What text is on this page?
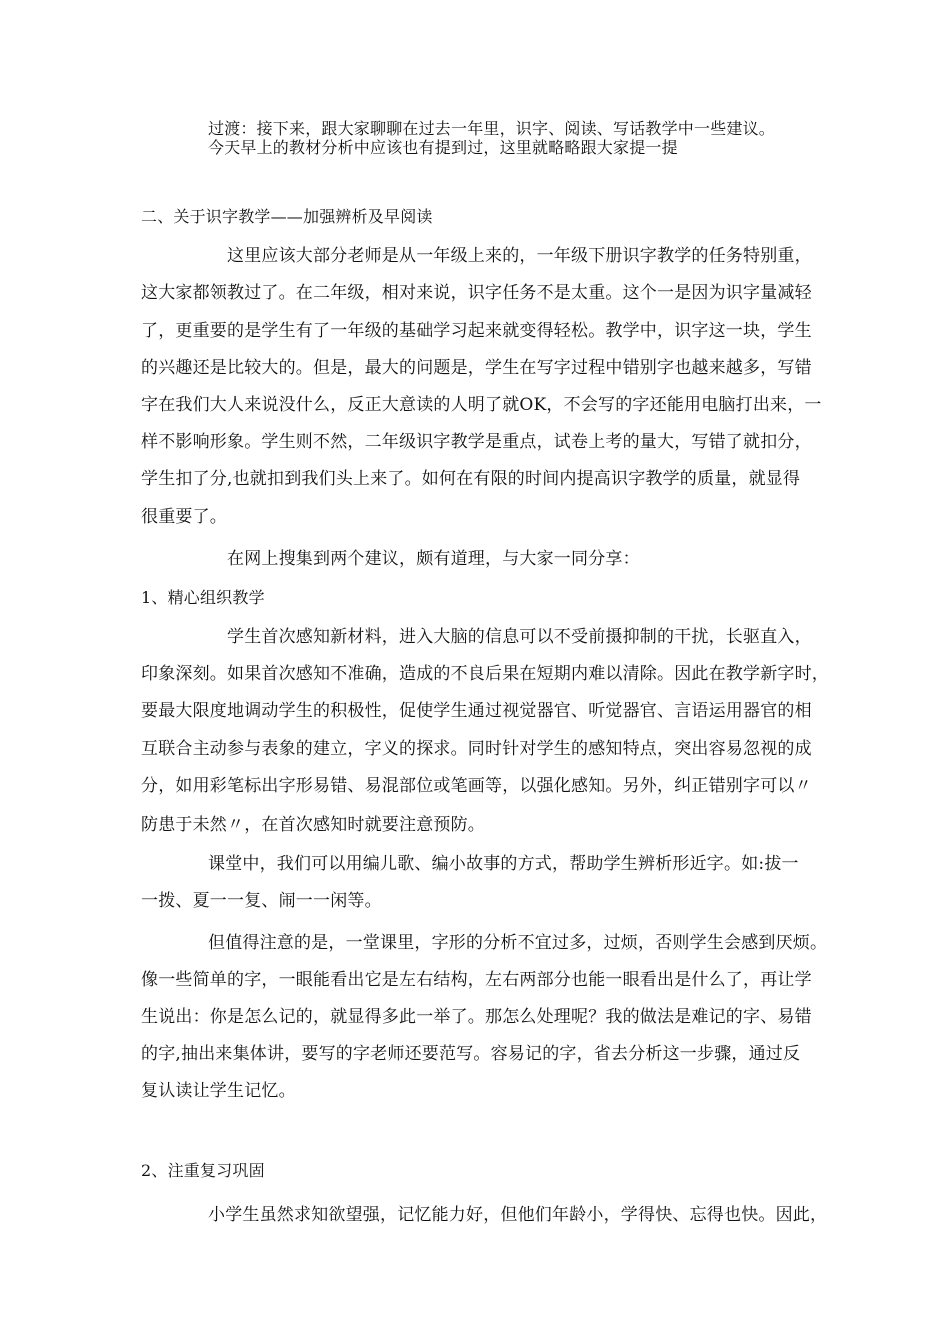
过渡：接下来，跟大家聊聊在过去一年里，识字、阅读、写话教学中一些建议。
今天早上的教材分析中应该也有提到过，这里就略略跟大家提一提
二、关于识字教学——加强辨析及早阅读
这里应该大部分老师是从一年级上来的，一年级下册识字教学的任务特别重，
这大家都领教过了。在二年级，相对来说，识字任务不是太重。这个一是因为识字量减轻
了，更重要的是学生有了一年级的基础学习起来就变得轻松。教学中，识字这一块，学生
的兴趣还是比较大的。但是，最大的问题是，学生在写字过程中错别字也越来越多，写错
字在我们大人来说没什么，反正大意读的人明了就OK，不会写的字还能用电脑打出来，一
样不影响形象。学生则不然，二年级识字教学是重点，试卷上考的量大，写错了就扣分，
学生扣了分,也就扣到我们头上来了。如何在有限的时间内提高识字教学的质量，就显得
很重要了。
在网上搜集到两个建议，颇有道理，与大家一同分享：
1、精心组织教学
学生首次感知新材料，进入大脑的信息可以不受前摄抑制的干扰，长驱直入，
印象深刻。如果首次感知不准确，造成的不良后果在短期内难以清除。因此在教学新字时，
要最大限度地调动学生的积极性，促使学生通过视觉器官、听觉器官、言语运用器官的相
互联合主动参与表象的建立，字义的探求。同时针对学生的感知特点，突出容易忽视的成
分，如用彩笔标出字形易错、易混部位或笔画等，以强化感知。另外，纠正错别字可以〃
防患于未然〃，在首次感知时就要注意预防。
课堂中，我们可以用编儿歌、编小故事的方式，帮助学生辨析形近字。如:拔一
一拨、夏一一复、闹一一闲等。
但值得注意的是，一堂课里，字形的分析不宜过多，过烦，否则学生会感到厌烦。
像一些简单的字，一眼能看出它是左右结构，左右两部分也能一眼看出是什么了，再让学
生说出：你是怎么记的，就显得多此一举了。那怎么处理呢？我的做法是难记的字、易错
的字,抽出来集体讲，要写的字老师还要范写。容易记的字，省去分析这一步骤，通过反
复认读让学生记忆。
2、注重复习巩固
小学生虽然求知欲望强，记忆能力好，但他们年龄小，学得快、忘得也快。因此，
